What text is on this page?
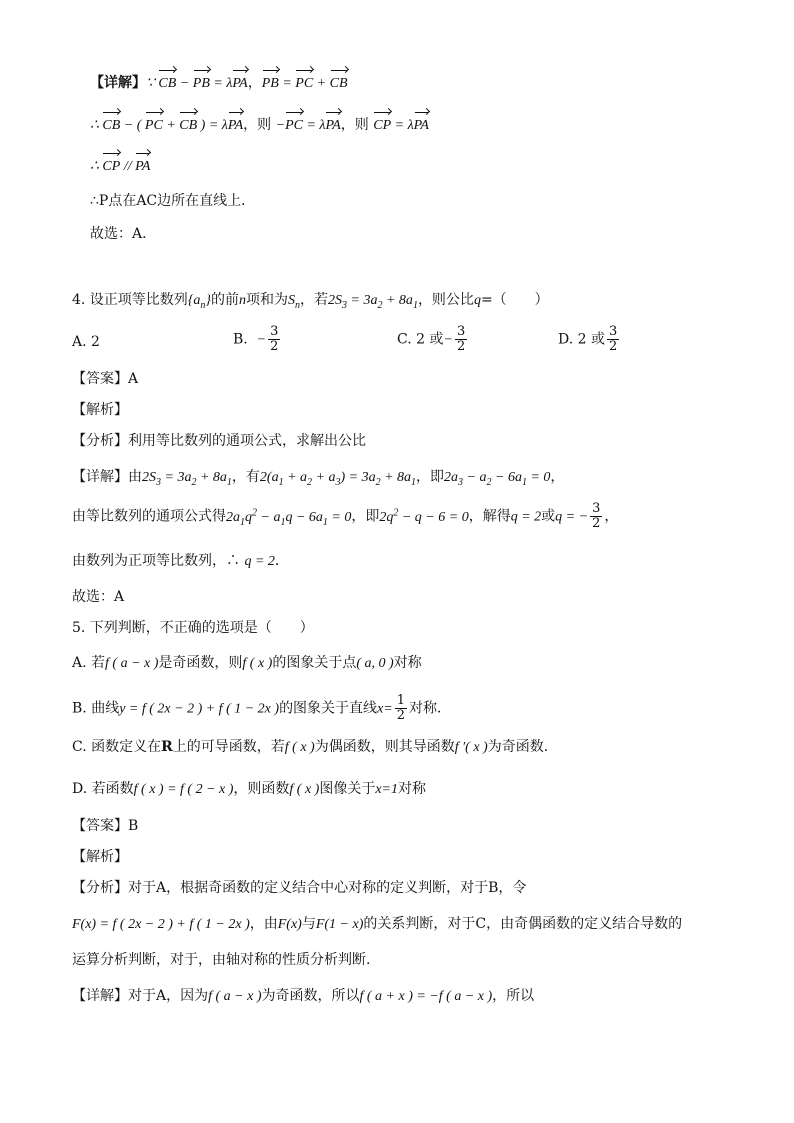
【详解】∵ CB − PB = λPA，PB = PC + CB
∴ CB − ( PC + CB ) = λPA，则 −PC = λPA，则 CP = λPA
∴ CP // PA
∴P点在AC边所在直线上．
故选：A．
4. 设正项等比数列$\{a_n\}$的前n项和为$S_n$，若$2S_3 = 3a_2 + 8a_1$，则公比q=（　　）
A. 2	B. − $\frac{3}{2}$	C. 2 或− $\frac{3}{2}$	D. 2 或 $\frac{3}{2}$
【答案】A
【解析】
【分析】利用等比数列的通项公式，求解出公比
【详解】由$2S_3 = 3a_2 + 8a_1$，有$2(a_1 + a_2 + a_3) = 3a_2 + 8a_1$，即$2a_3 - a_2 - 6a_1 = 0$，
由等比数列的通项公式得$2a_1q^2 - a_1q - 6a_1 = 0$，即$2q^2 - q - 6 = 0$，解得q = 2或q = − $\frac{3}{2}$ ，
由数列为正项等比数列，∴ q = 2．
故选：A
5. 下列判断，不正确的选项是（　　）
A. 若f ( a − x )是奇函数，则f ( x )的图象关于点( a, 0 )对称
B. 曲线y = f ( 2x − 2 ) + f ( 1 − 2x )的图象关于直线$x= \frac{1}{2}$ 对称．
C. 函数定义在R上的可导函数，若f ( x )为偶函数，则其导函数f ′( x )为奇函数．
D. 若函数f ( x ) = f ( 2 − x )，则函数f ( x )图像关于x=1对称
【答案】B
【解析】
【分析】对于A，根据奇函数的定义结合中心对称的定义判断，对于B，令
F(x) = f ( 2x − 2 ) + f ( 1 − 2x )，由F(x)与F(1 − x)的关系判断，对于C，由奇偶函数的定义结合导数的
运算分析判断，对于，由轴对称的性质分析判断.
【详解】对于A，因为f ( a − x )为奇函数，所以f ( a + x ) = −f ( a − x )，所以
